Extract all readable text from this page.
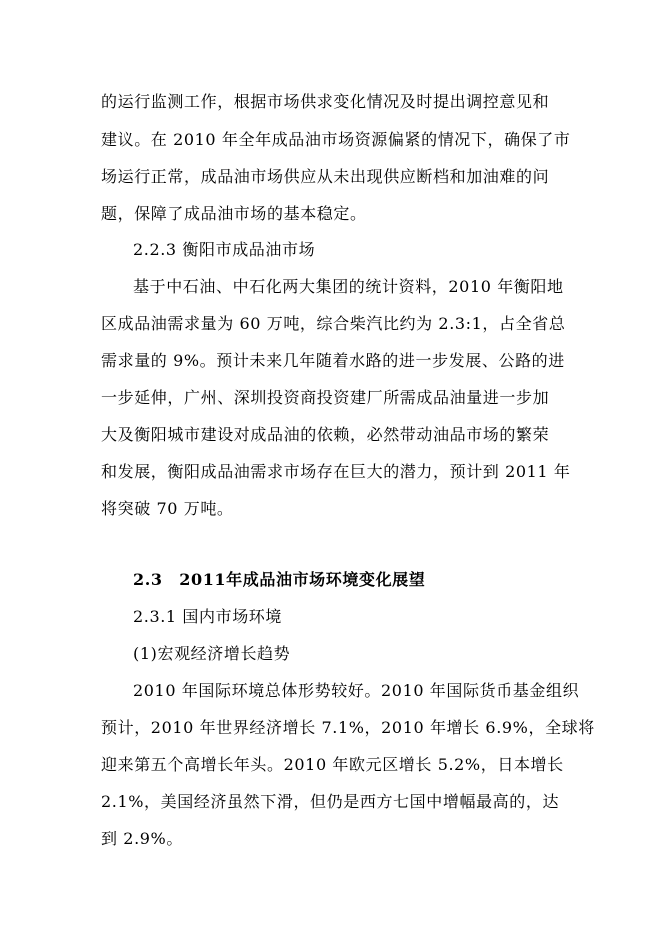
的运行监测工作，根据市场供求变化情况及时提出调控意见和
建议。在 2010 年全年成品油市场资源偏紧的情况下，确保了市
场运行正常，成品油市场供应从未出现供应断档和加油难的问
题，保障了成品油市场的基本稳定。
2.2.3 衡阳市成品油市场
基于中石油、中石化两大集团的统计资料，2010 年衡阳地
区成品油需求量为 60 万吨，综合柴汽比约为 2.3:1，占全省总
需求量的 9%。预计未来几年随着水路的进一步发展、公路的进
一步延伸，广州、深圳投资商投资建厂所需成品油量进一步加
大及衡阳城市建设对成品油的依赖，必然带动油品市场的繁荣
和发展，衡阳成品油需求市场存在巨大的潜力，预计到 2011 年
将突破 70 万吨。
2.3　2011年成品油市场环境变化展望
2.3.1 国内市场环境
(1)宏观经济增长趋势
2010 年国际环境总体形势较好。2010 年国际货币基金组织
预计，2010 年世界经济增长 7.1%，2010 年增长 6.9%，全球将
迎来第五个高增长年头。2010 年欧元区增长 5.2%，日本增长
2.1%，美国经济虽然下滑，但仍是西方七国中增幅最高的，达
到 2.9%。
